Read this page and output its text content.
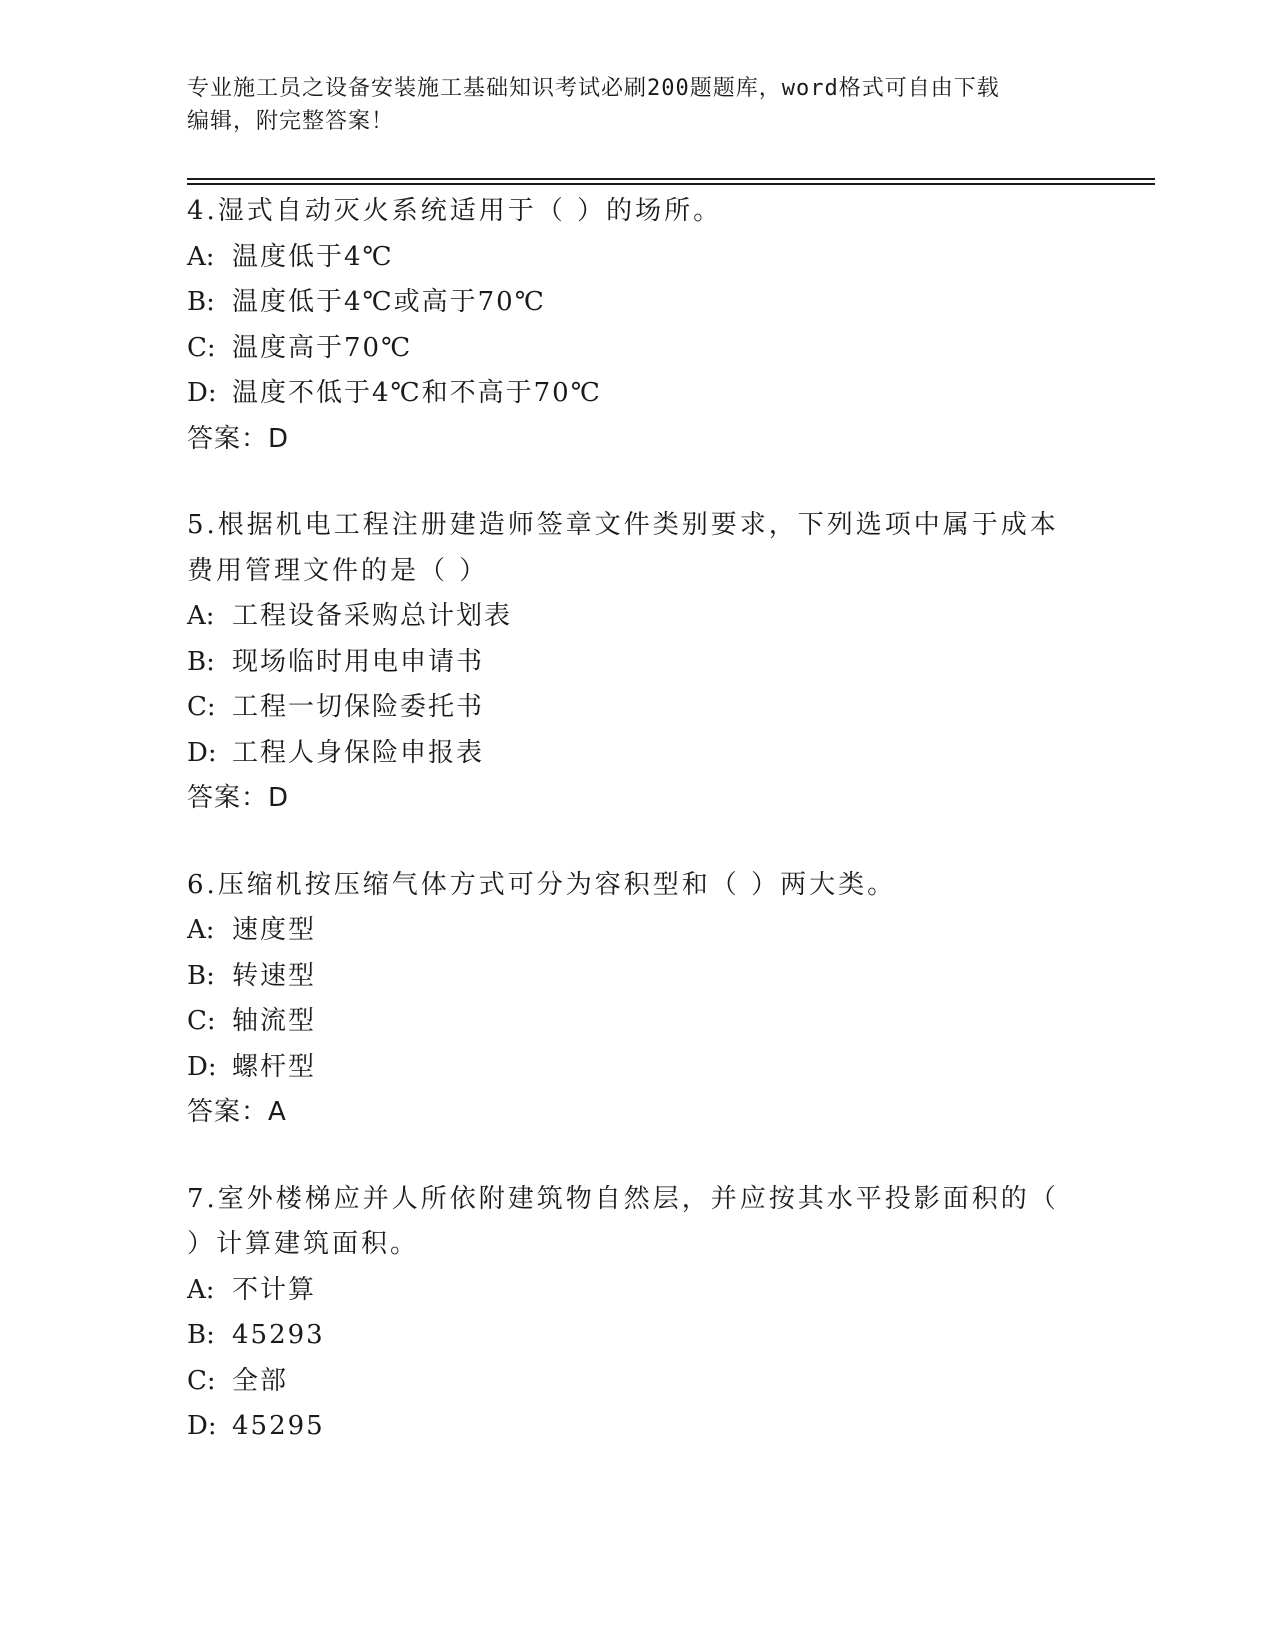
专业施工员之设备安装施工基础知识考试必刷200题题库，word格式可自由下载
编辑，附完整答案！
4.湿式自动灭火系统适用于（ ）的场所。
A: 温度低于4℃
B: 温度低于4℃或高于70℃
C: 温度高于70℃
D: 温度不低于4℃和不高于70℃
答案：D
5.根据机电工程注册建造师签章文件类别要求，下列选项中属于成本费用管理文件的是（ ）
A: 工程设备采购总计划表
B: 现场临时用电申请书
C: 工程一切保险委托书
D: 工程人身保险申报表
答案：D
6.压缩机按压缩气体方式可分为容积型和（ ）两大类。
A: 速度型
B: 转速型
C: 轴流型
D: 螺杆型
答案：A
7.室外楼梯应并人所依附建筑物自然层，并应按其水平投影面积的（ ）计算建筑面积。
A: 不计算
B: 45293
C: 全部
D: 45295
